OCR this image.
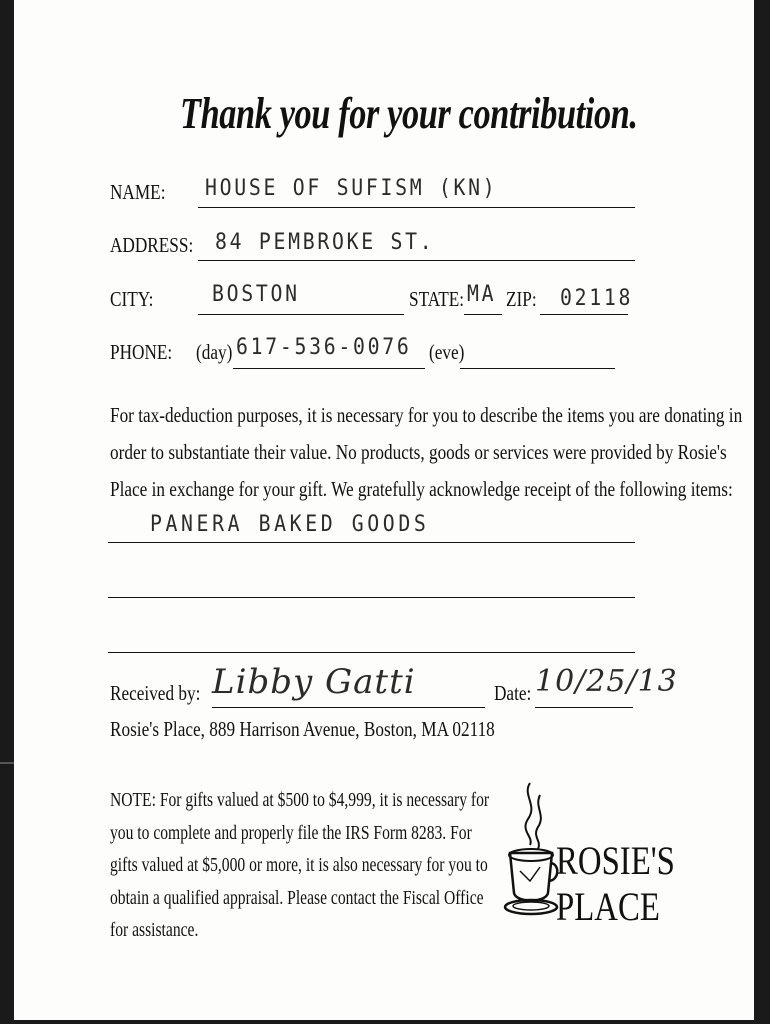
Thank you for your contribution.
NAME: HOUSE OF SUFISM (KN)
ADDRESS: 84 PEMBROKE ST.
CITY:	BOSTON	STATE: MA ZIP: 02118
PHONE: (day) 617-536-0076 (eve)
For tax-deduction purposes, it is necessary for you to describe the items you are donating in
order to substantiate their value. No products, goods or services were provided by Rosie's
Place in exchange for your gift. We gratefully acknowledge receipt of the following items:
PANERA BAKED GOODS
Received by: Libby Gatti	Date: 10/25/13
Rosie's Place, 889 Harrison Avenue, Boston, MA 02118
NOTE: For gifts valued at $500 to $4,999, it is necessary for
you to complete and properly file the IRS Form 8283. For
gifts valued at $5,000 or more, it is also necessary for you to
obtain a qualified appraisal. Please contact the Fiscal Office
for assistance.
ROSIE'S
PLACE
